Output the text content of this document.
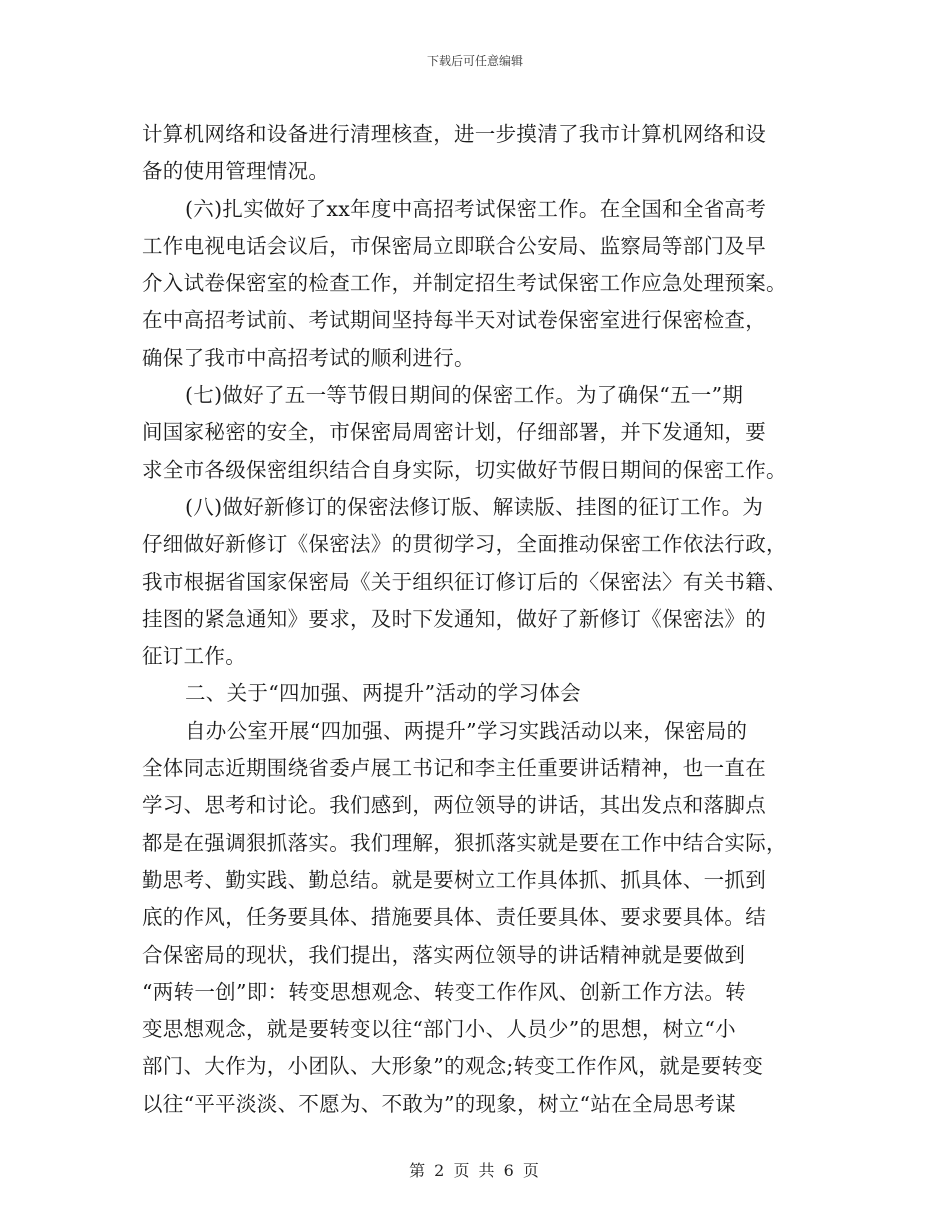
下载后可任意编辑
计算机网络和设备进行清理核查，进一步摸清了我市计算机网络和设
备的使用管理情况。
(六)扎实做好了xx年度中高招考试保密工作。在全国和全省高考
工作电视电话会议后，市保密局立即联合公安局、监察局等部门及早
介入试卷保密室的检查工作，并制定招生考试保密工作应急处理预案。
在中高招考试前、考试期间坚持每半天对试卷保密室进行保密检查，
确保了我市中高招考试的顺利进行。
(七)做好了五一等节假日期间的保密工作。为了确保“五一”期
间国家秘密的安全，市保密局周密计划，仔细部署，并下发通知，要
求全市各级保密组织结合自身实际，切实做好节假日期间的保密工作。
(八)做好新修订的保密法修订版、解读版、挂图的征订工作。为
仔细做好新修订《保密法》的贯彻学习，全面推动保密工作依法行政，
我市根据省国家保密局《关于组织征订修订后的〈保密法〉有关书籍、
挂图的紧急通知》要求，及时下发通知，做好了新修订《保密法》的
征订工作。
二、关于“四加强、两提升”活动的学习体会
自办公室开展“四加强、两提升”学习实践活动以来，保密局的
全体同志近期围绕省委卢展工书记和李主任重要讲话精神，也一直在
学习、思考和讨论。我们感到，两位领导的讲话，其出发点和落脚点
都是在强调狠抓落实。我们理解，狠抓落实就是要在工作中结合实际，
勤思考、勤实践、勤总结。就是要树立工作具体抓、抓具体、一抓到
底的作风，任务要具体、措施要具体、责任要具体、要求要具体。结
合保密局的现状，我们提出，落实两位领导的讲话精神就是要做到
“两转一创”即：转变思想观念、转变工作作风、创新工作方法。转
变思想观念，就是要转变以往“部门小、人员少”的思想，树立“小
部门、大作为，小团队、大形象”的观念;转变工作作风，就是要转变
以往“平平淡淡、不愿为、不敢为”的现象，树立“站在全局思考谋
第 2 页 共 6 页
